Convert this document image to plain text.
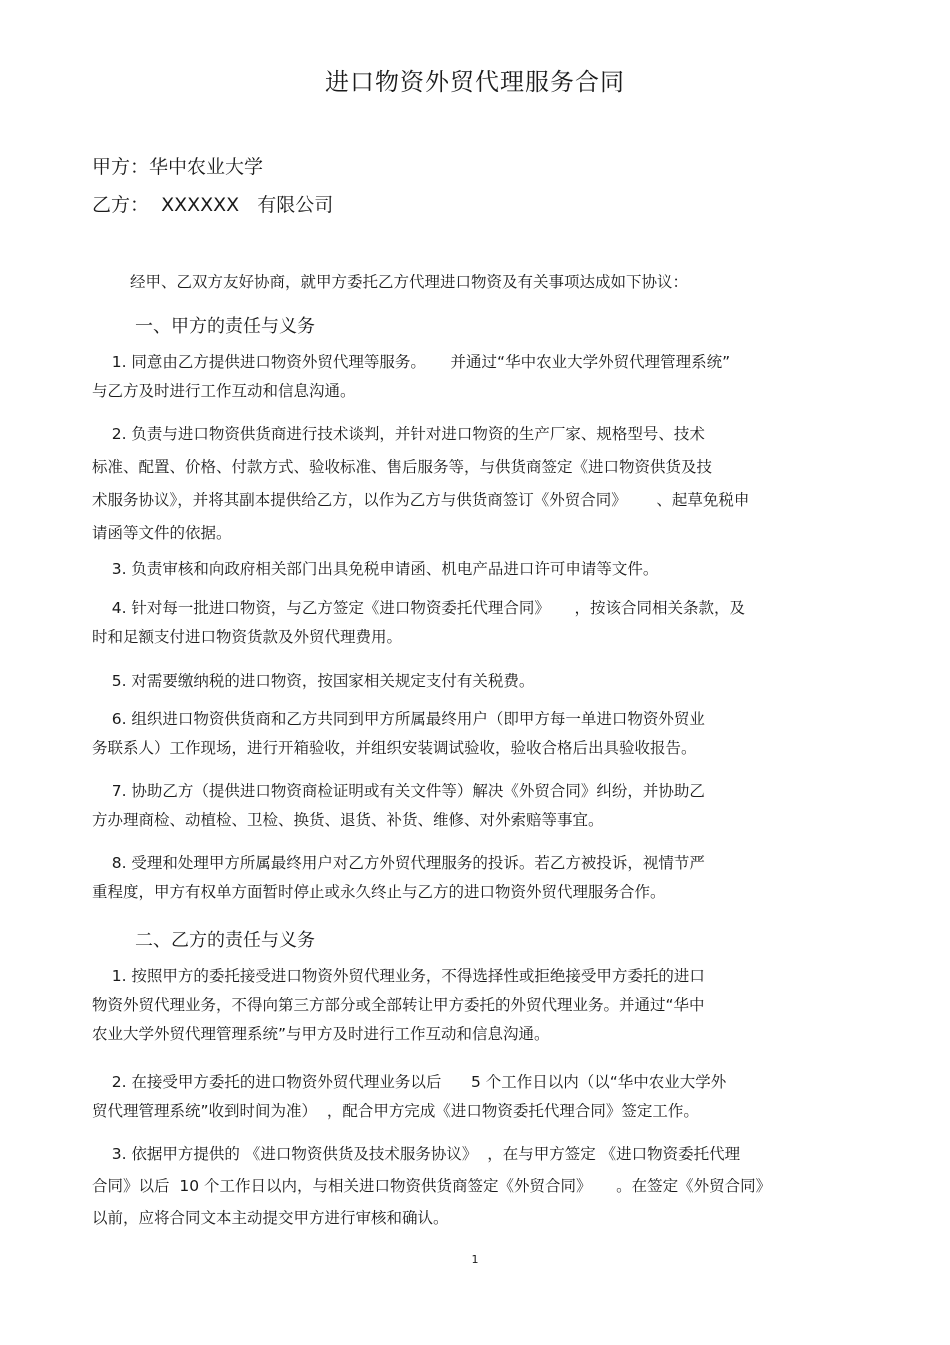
进口物资外贸代理服务合同

甲方：华中农业大学

乙方：  XXXXXX   有限公司

经甲、乙双方友好协商，就甲方委托乙方代理进口物资及有关事项达成如下协议：

一、甲方的责任与义务

1. 同意由乙方提供进口物资外贸代理等服务。     并通过“华中农业大学外贸代理管理系统”
与乙方及时进行工作互动和信息沟通。

2. 负责与进口物资供货商进行技术谈判，并针对进口物资的生产厂家、规格型号、技术
标准、配置、价格、付款方式、验收标准、售后服务等，与供货商签定《进口物资供货及技
术服务协议》，并将其副本提供给乙方，以作为乙方与供货商签订《外贸合同》      、起草免税申
请函等文件的依据。

3. 负责审核和向政府相关部门出具免税申请函、机电产品进口许可申请等文件。

4. 针对每一批进口物资，与乙方签定《进口物资委托代理合同》     ，按该合同相关条款，及
时和足额支付进口物资货款及外贸代理费用。

5. 对需要缴纳税的进口物资，按国家相关规定支付有关税费。

6. 组织进口物资供货商和乙方共同到甲方所属最终用户（即甲方每一单进口物资外贸业
务联系人）工作现场，进行开箱验收，并组织安装调试验收，验收合格后出具验收报告。

7. 协助乙方（提供进口物资商检证明或有关文件等）解决《外贸合同》纠纷，并协助乙
方办理商检、动植检、卫检、换货、退货、补货、维修、对外索赔等事宜。

8. 受理和处理甲方所属最终用户对乙方外贸代理服务的投诉。若乙方被投诉，视情节严
重程度，甲方有权单方面暂时停止或永久终止与乙方的进口物资外贸代理服务合作。

二、乙方的责任与义务

1. 按照甲方的委托接受进口物资外贸代理业务，不得选择性或拒绝接受甲方委托的进口
物资外贸代理业务，不得向第三方部分或全部转让甲方委托的外贸代理业务。并通过“华中
农业大学外贸代理管理系统”与甲方及时进行工作互动和信息沟通。

2. 在接受甲方委托的进口物资外贸代理业务以后      5 个工作日以内（以“华中农业大学外
贸代理管理系统”收到时间为准）  ，配合甲方完成《进口物资委托代理合同》签定工作。

3. 依据甲方提供的 《进口物资供货及技术服务协议》  ，在与甲方签定 《进口物资委托代理
合同》以后  10 个工作日以内，与相关进口物资供货商签定《外贸合同》     。在签定《外贸合同》
以前，应将合同文本主动提交甲方进行审核和确认。

1
